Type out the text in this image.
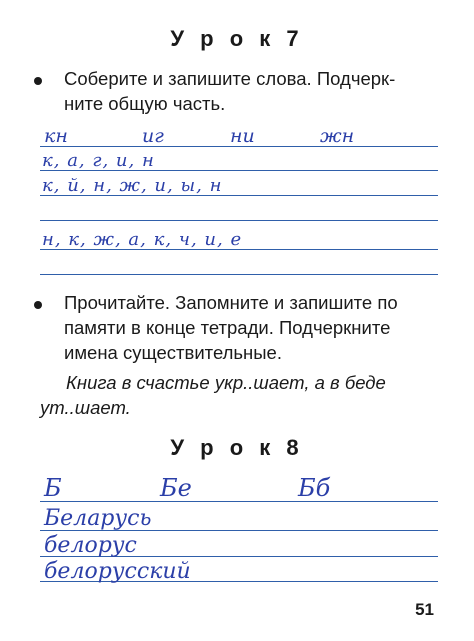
У р о к 7
Соберите и запишите слова. Подчерк-
ните общую часть.
кн	иг	ни	жн
к, а, г, и, н
к, й, н, ж, и, ы, н
н, к, ж, а, к, ч, и, е
Прочитайте. Запомните и запишите по
памяти в конце тетради. Подчеркните
имена существительные.
Книга в счастье укр..шает, а в беде
ут..шает.
У р о к 8
Б	Бе	Бб
Беларусь
белорус
белорусский
51
